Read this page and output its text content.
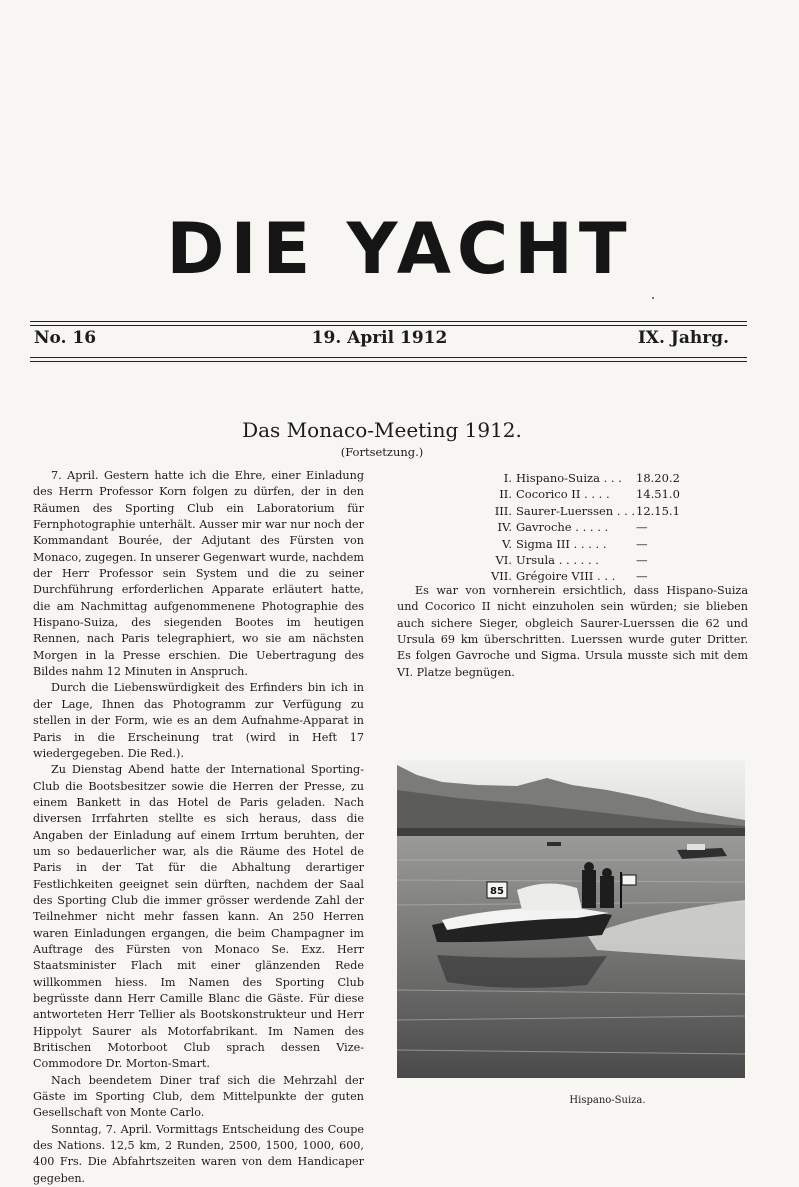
DIE YACHT
No. 16	19. April 1912	IX. Jahrg.
Das Monaco-Meeting 1912.
(Fortsetzung.)

7. April. Gestern hatte ich die Ehre, einer Einladung des Herrn Professor Korn folgen zu dürfen, der in den Räumen des Sporting Club ein Laboratorium für Fernphotographie unterhält. Ausser mir war nur noch der Kommandant Bourée, der Adjutant des Fürsten von Monaco, zugegen. In unserer Gegenwart wurde, nachdem der Herr Professor sein System und die zu seiner Durchführung erforderlichen Apparate erläutert hatte, die am Nachmittag aufgenommenene Photographie des Hispano-Suiza, des siegenden Bootes im heutigen Rennen, nach Paris telegraphiert, wo sie am nächsten Morgen in la Presse erschien. Die Uebertragung des Bildes nahm 12 Minuten in Anspruch.

Durch die Liebenswürdigkeit des Erfinders bin ich in der Lage, Ihnen das Photogramm zur Verfügung zu stellen in der Form, wie es an dem Aufnahme-Apparat in Paris in die Erscheinung trat (wird in Heft 17 wiedergegeben. Die Red.).

Zu Dienstag Abend hatte der International Sporting-Club die Bootsbesitzer sowie die Herren der Presse, zu einem Bankett in das Hotel de Paris geladen. Nach diversen Irrfahrten stellte es sich heraus, dass die Angaben der Einladung auf einem Irrtum beruhten, der um so bedauerlicher war, als die Räume des Hotel de Paris in der Tat für die Abhaltung derartiger Festlichkeiten geeignet sein dürften, nachdem der Saal des Sporting Club die immer grösser werdende Zahl der Teilnehmer nicht mehr fassen kann. An 250 Herren waren Einladungen ergangen, die beim Champagner im Auftrage des Fürsten von Monaco Se. Exz. Herr Staatsminister Flach mit einer glänzenden Rede willkommen hiess. Im Namen des Sporting Club begrüsste dann Herr Camille Blanc die Gäste. Für diese antworteten Herr Tellier als Bootskonstrukteur und Herr Hippolyt Saurer als Motorfabrikant. Im Namen des Britischen Motorboot Club sprach dessen Vize-Commodore Dr. Morton-Smart.

Nach beendetem Diner traf sich die Mehrzahl der Gäste im Sporting Club, dem Mittelpunkte der guten Gesellschaft von Monte Carlo.

Sonntag, 7. April. Vormittags Entscheidung des Coupe des Nations. 12,5 km, 2 Runden, 2500, 1500, 1000, 600, 400 Frs. Die Abfahrtszeiten waren von dem Handicaper gegeben.

I. Hispano-Suiza . . . 18.20.2
II. Cocorico II . . . . 14.51.0
III. Saurer-Luerssen . . . 12.15.1
IV. Gavroche . . . . . —
V. Sigma III . . . . .	—
VI. Ursula . . . . . .	—
VII. Grégoire VIII . . . —

Es war von vornherein ersichtlich, dass Hispano-Suiza und Cocorico II nicht einzuholen sein würden; sie blieben auch sichere Sieger, obgleich Saurer-Luerssen die 62 und Ursula 69 km überschritten. Luerssen wurde guter Dritter. Es folgen Gavroche und Sigma. Ursula musste sich mit dem VI. Platze begnügen.

85
Hispano-Suiza.
